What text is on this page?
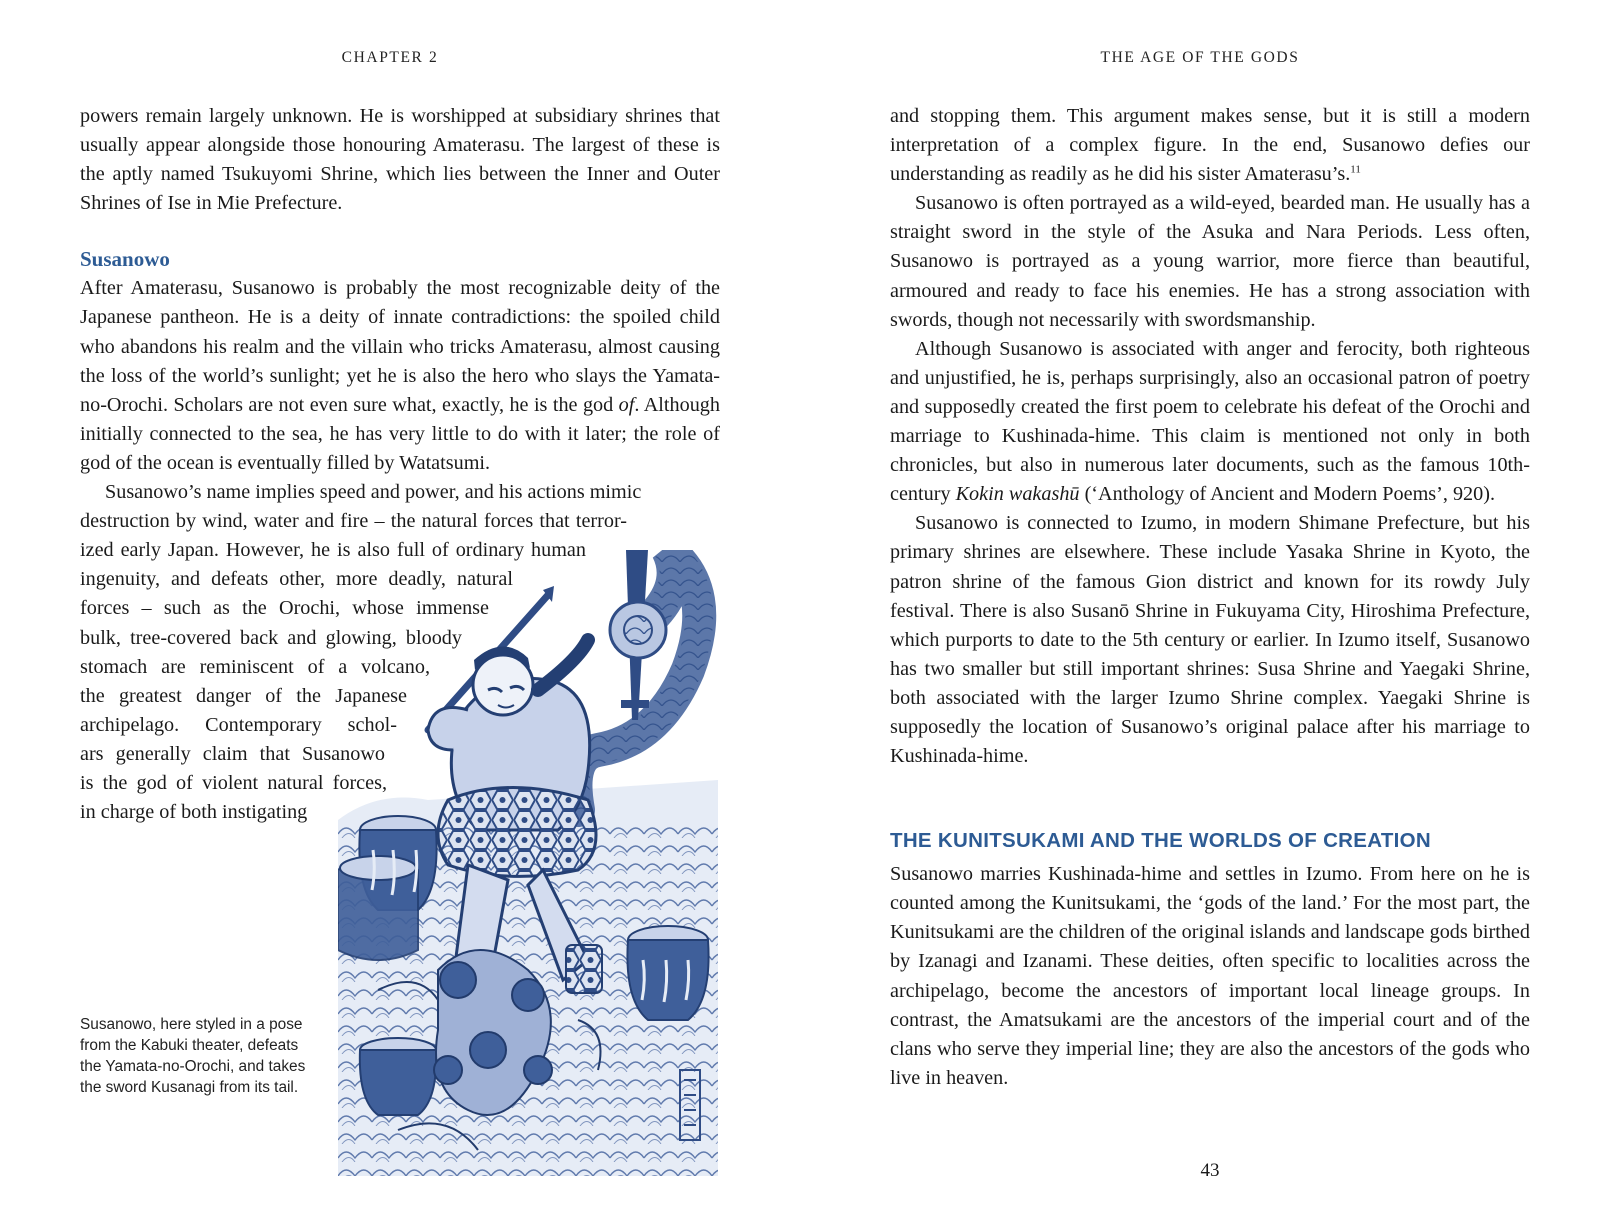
CHAPTER 2

powers remain largely unknown. He is worshipped at subsidiary shrines that usually appear alongside those honouring Amaterasu. The largest of these is the aptly named Tsukuyomi Shrine, which lies between the Inner and Outer Shrines of Ise in Mie Prefecture.

Susanowo

After Amaterasu, Susanowo is probably the most recognizable deity of the Japanese pantheon. He is a deity of innate contradictions: the spoiled child who abandons his realm and the villain who tricks Amaterasu, almost causing the loss of the world’s sunlight; yet he is also the hero who slays the Yamata-no-Orochi. Scholars are not even sure what, exactly, he is the god of. Although initially connected to the sea, he has very little to do with it later; the role of god of the ocean is eventually filled by Watatsumi.

Susanowo’s name implies speed and power, and his actions mimic

destruction by wind, water and fire – the natural forces that terror-
ized early Japan. However, he is also full of ordinary human
ingenuity, and defeats other, more deadly, natural
forces – such as the Orochi, whose immense
bulk, tree-covered back and glowing, bloody
stomach are reminiscent of a volcano,
the greatest danger of the Japanese
archipelago. Contemporary schol-
ars generally claim that Susanowo
is the god of violent natural forces,
in charge of both instigating
Susanowo, here styled in a pose from the Kabuki theater, defeats the Yamata-no-Orochi, and takes the sword Kusanagi from its tail.
THE AGE OF THE GODS

and stopping them. This argument makes sense, but it is still a modern interpretation of a complex figure. In the end, Susanowo defies our understanding as readily as he did his sister Amaterasu’s.$^{11}$

Susanowo is often portrayed as a wild-eyed, bearded man. He usually has a straight sword in the style of the Asuka and Nara Periods. Less often, Susanowo is portrayed as a young warrior, more fierce than beautiful, armoured and ready to face his enemies. He has a strong association with swords, though not necessarily with swordsmanship.

Although Susanowo is associated with anger and ferocity, both righteous and unjustified, he is, perhaps surprisingly, also an occasional patron of poetry and supposedly created the first poem to celebrate his defeat of the Orochi and marriage to Kushinada-hime. This claim is mentioned not only in both chronicles, but also in numerous later documents, such as the famous 10th-century Kokin wakashū (‘Anthology of Ancient and Modern Poems’, 920).

Susanowo is connected to Izumo, in modern Shimane Prefecture, but his primary shrines are elsewhere. These include Yasaka Shrine in Kyoto, the patron shrine of the famous Gion district and known for its rowdy July festival. There is also Susanō Shrine in Fukuyama City, Hiroshima Prefecture, which purports to date to the 5th century or earlier. In Izumo itself, Susanowo has two smaller but still important shrines: Susa Shrine and Yaegaki Shrine, both associated with the larger Izumo Shrine complex. Yaegaki Shrine is supposedly the location of Susanowo’s original palace after his marriage to Kushinada-hime.

THE KUNITSUKAMI AND THE WORLDS OF CREATION

Susanowo marries Kushinada-hime and settles in Izumo. From here on he is counted among the Kunitsukami, the ‘gods of the land.’ For the most part, the Kunitsukami are the children of the original islands and landscape gods birthed by Izanagi and Izanami. These deities, often specific to localities across the archipelago, become the ancestors of important local lineage groups. In contrast, the Amatsukami are the ancestors of the imperial court and of the clans who serve they imperial line; they are also the ancestors of the gods who live in heaven.

43
